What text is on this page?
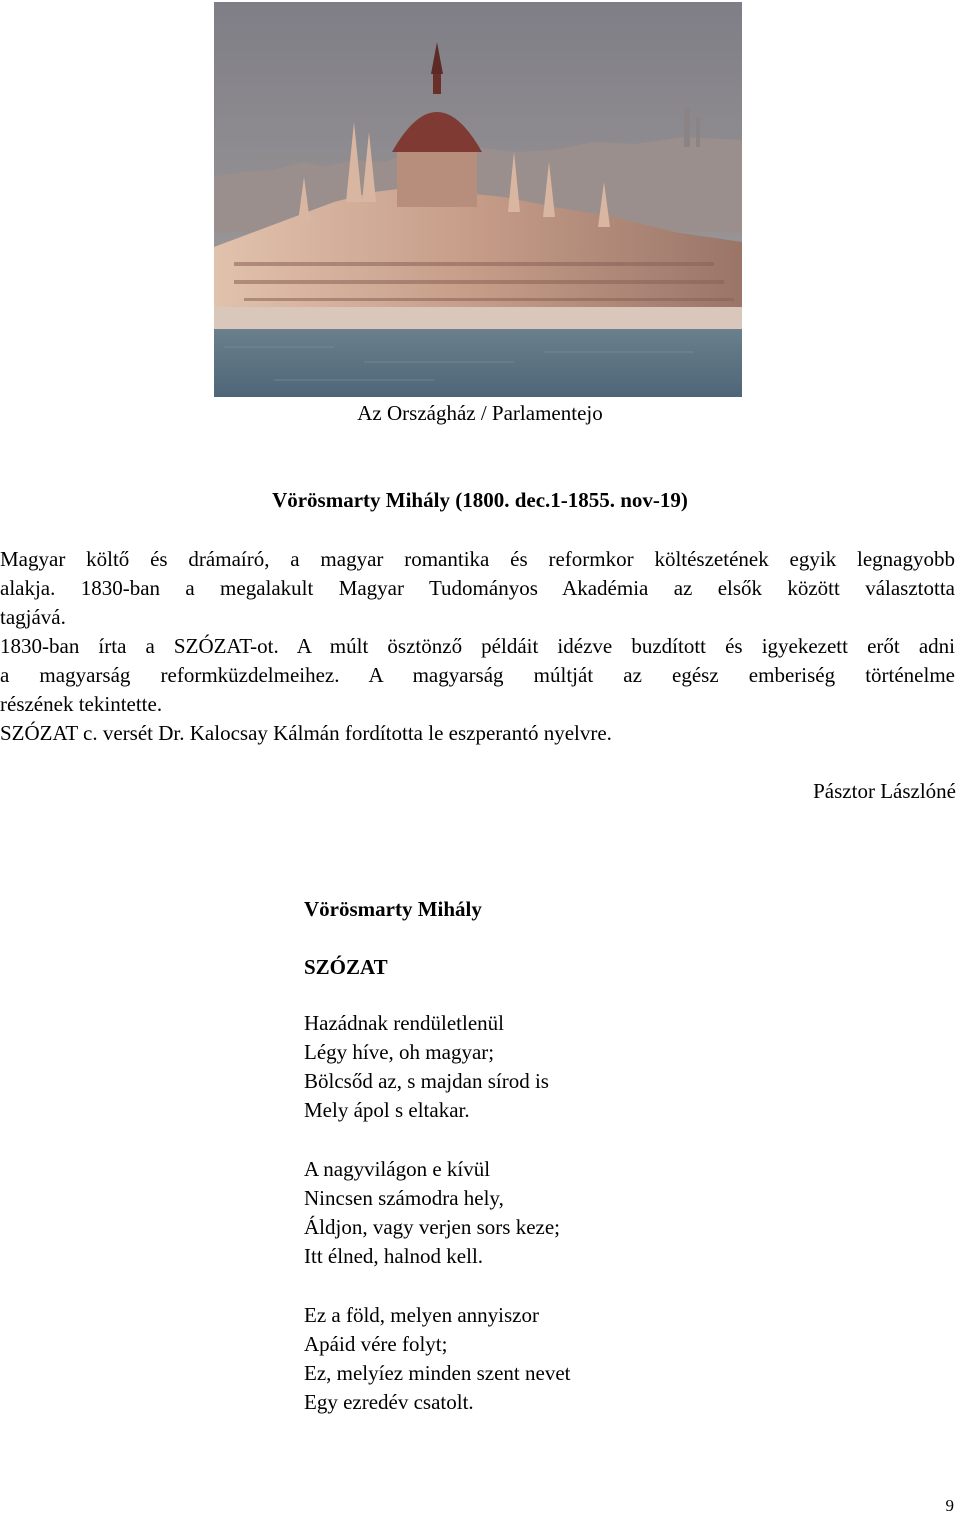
Az Országház / Parlamentejo
Vörösmarty Mihály (1800. dec.1-1855. nov-19)
Magyar költő és drámaíró, a magyar romantika és reformkor költészetének egyik legnagyobb
alakja. 1830-ban a megalakult Magyar Tudományos Akadémia az elsők között választotta
tagjává.
1830-ban írta a SZÓZAT-ot. A múlt ösztönző példáit idézve buzdított és igyekezett erőt adni
a magyarság reformküzdelmeihez. A magyarság múltját az egész emberiség történelme
részének tekintette.
SZÓZAT c. versét Dr. Kalocsay Kálmán fordította le eszperantó nyelvre.
Pásztor Lászlóné
Vörösmarty Mihály
SZÓZAT
Hazádnak rendületlenül
Légy híve, oh magyar;
Bölcsőd az, s majdan sírod is
Mely ápol s eltakar.
A nagyvilágon e kívül
Nincsen számodra hely,
Áldjon, vagy verjen sors keze;
Itt élned, halnod kell.
Ez a föld, melyen annyiszor
Apáid vére folyt;
Ez, melyíez minden szent nevet
Egy ezredév csatolt.
9
